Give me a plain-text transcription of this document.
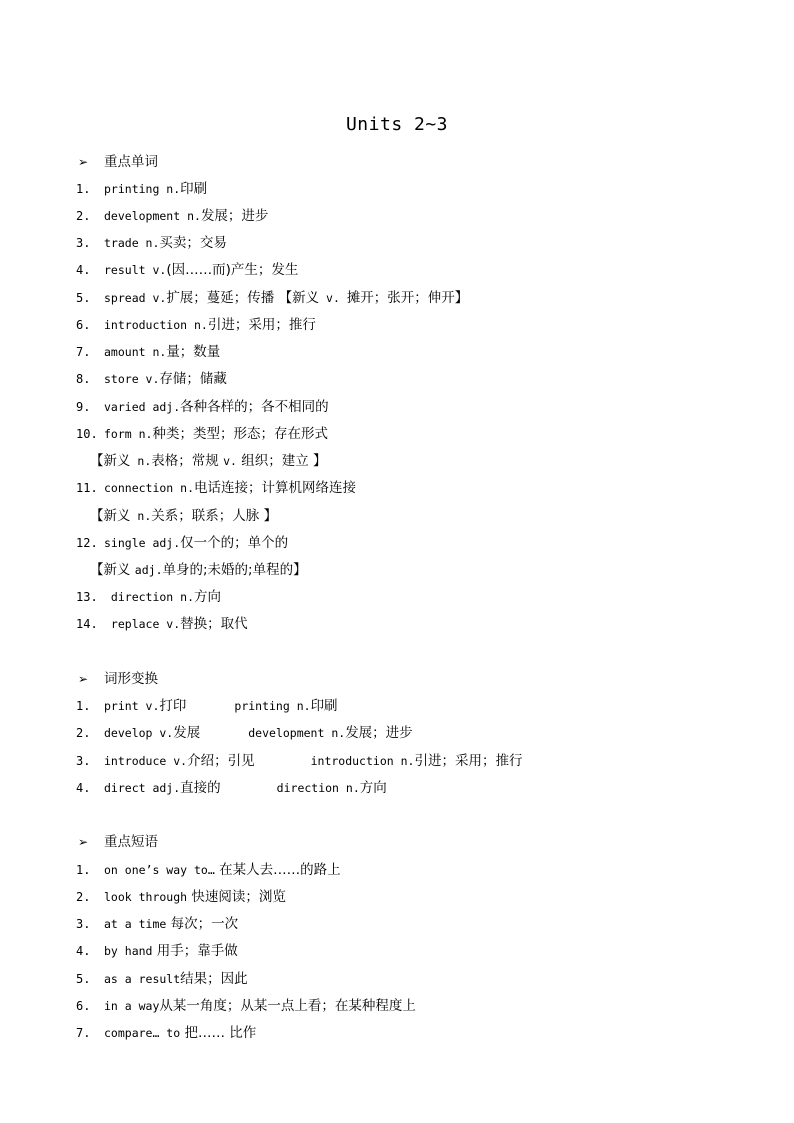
Units 2~3
➢ 重点单词
1. printing n.印刷
2. development n.发展；进步
3. trade n.买卖；交易
4. result v.(因……而)产生；发生
5. spread v.扩展；蔓延；传播 【新义 v. 摊开；张开；伸开】
6. introduction n.引进；采用；推行
7. amount n.量；数量
8. store v.存储；储藏
9. varied adj.各种各样的；各不相同的
10. form n.种类；类型；形态；存在形式
【新义 n.表格；常规 v. 组织；建立 】
11. connection n.电话连接；计算机网络连接
【新义 n.关系；联系；人脉 】
12. single adj.仅一个的；单个的
【新义 adj.单身的;未婚的;单程的】
13. direction n.方向
14. replace v.替换；取代
➢ 词形变换
1. print v.打印	printing n.印刷
2. develop v.发展	development n.发展；进步
3. introduce v.介绍；引见	introduction n.引进；采用；推行
4. direct adj.直接的	direction n.方向
➢ 重点短语
1. on one’s way to… 在某人去……的路上
2. look through 快速阅读；浏览
3. at a time 每次；一次
4. by hand 用手；靠手做
5. as a result结果；因此
6. in a way从某一角度；从某一点上看；在某种程度上
7. compare… to 把…… 比作
